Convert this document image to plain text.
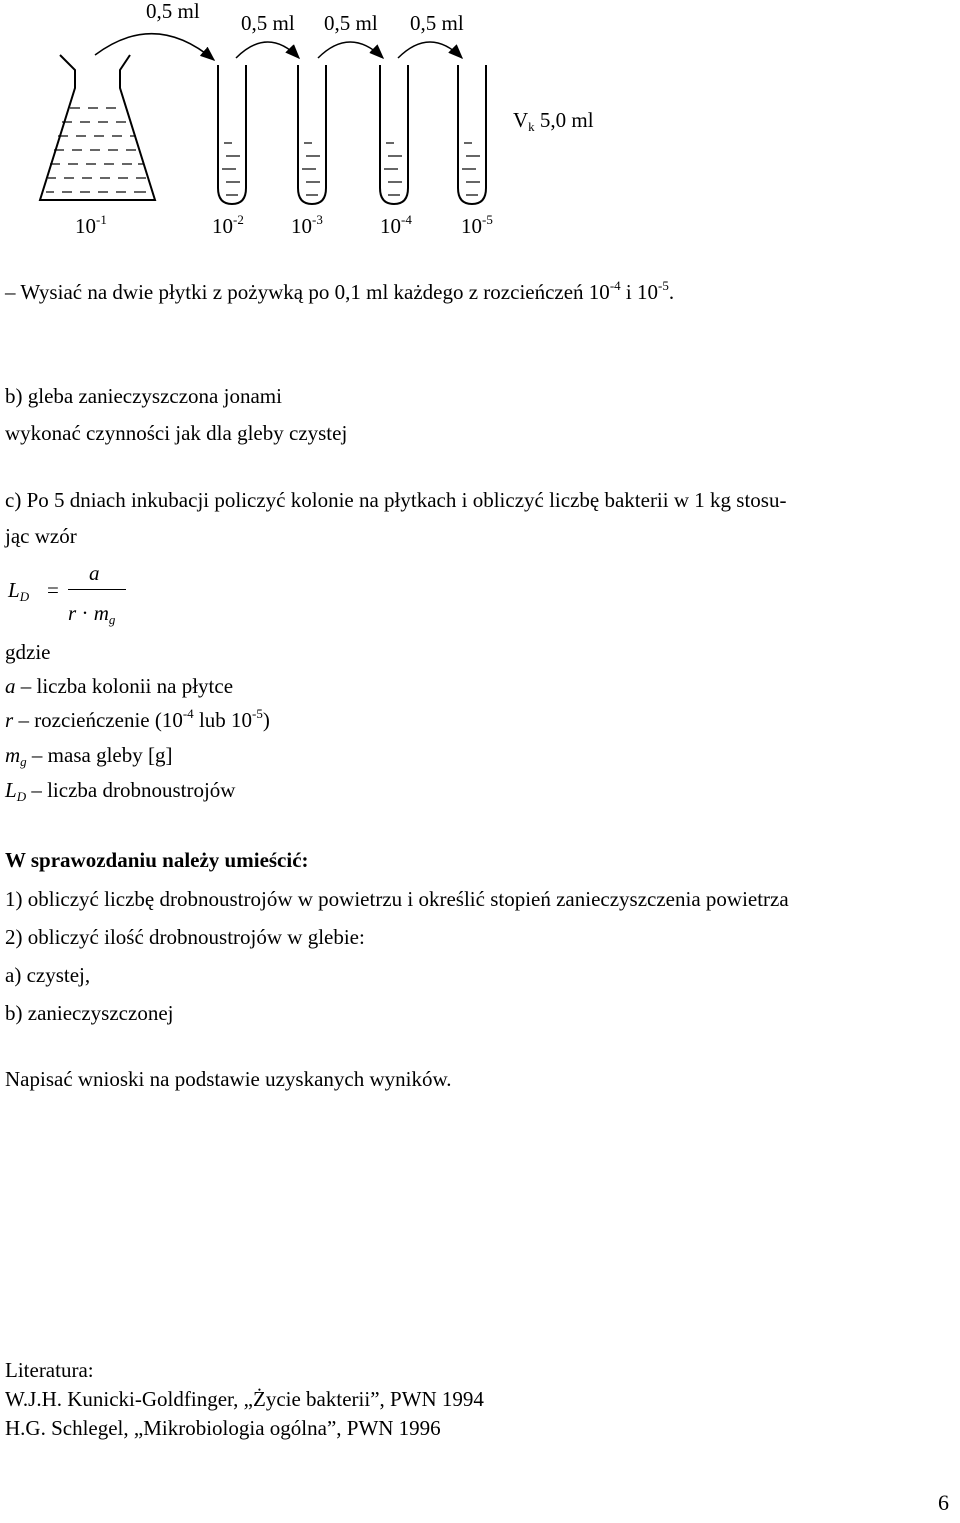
0,5 ml 0,5 ml 0,5 ml 0,5 ml
$V_k$ 5,0 ml
$10^{-1}$	$10^{-2}$ $10^{-3}$	$10^{-4}$ $10^{-5}$
– Wysiać na dwie płytki z pożywką po 0,1 ml każdego z rozcieńczeń $10^{-4}$ i $10^{-5}$.
b) gleba zanieczyszczona jonami
wykonać czynności jak dla gleby czystej
c) Po 5 dniach inkubacji policzyć kolonie na płytkach i obliczyć liczbę bakterii w 1 kg stosu-
jąc wzór
$L_D$ =
a
$r \cdot m_g$
gdzie
a – liczba kolonii na płytce
r – rozcieńczenie ($10^{-4}$ lub $10^{-5}$)
$m_g$ – masa gleby [g]
$L_D$ – liczba drobnoustrojów
W sprawozdaniu należy umieścić:
1) obliczyć liczbę drobnoustrojów w powietrzu i określić stopień zanieczyszczenia powietrza
2) obliczyć ilość drobnoustrojów w glebie:
a) czystej,
b) zanieczyszczonej
Napisać wnioski na podstawie uzyskanych wyników.
Literatura:
W.J.H. Kunicki-Goldfinger, „Życie bakterii”, PWN 1994
H.G. Schlegel, „Mikrobiologia ogólna”, PWN 1996
6
